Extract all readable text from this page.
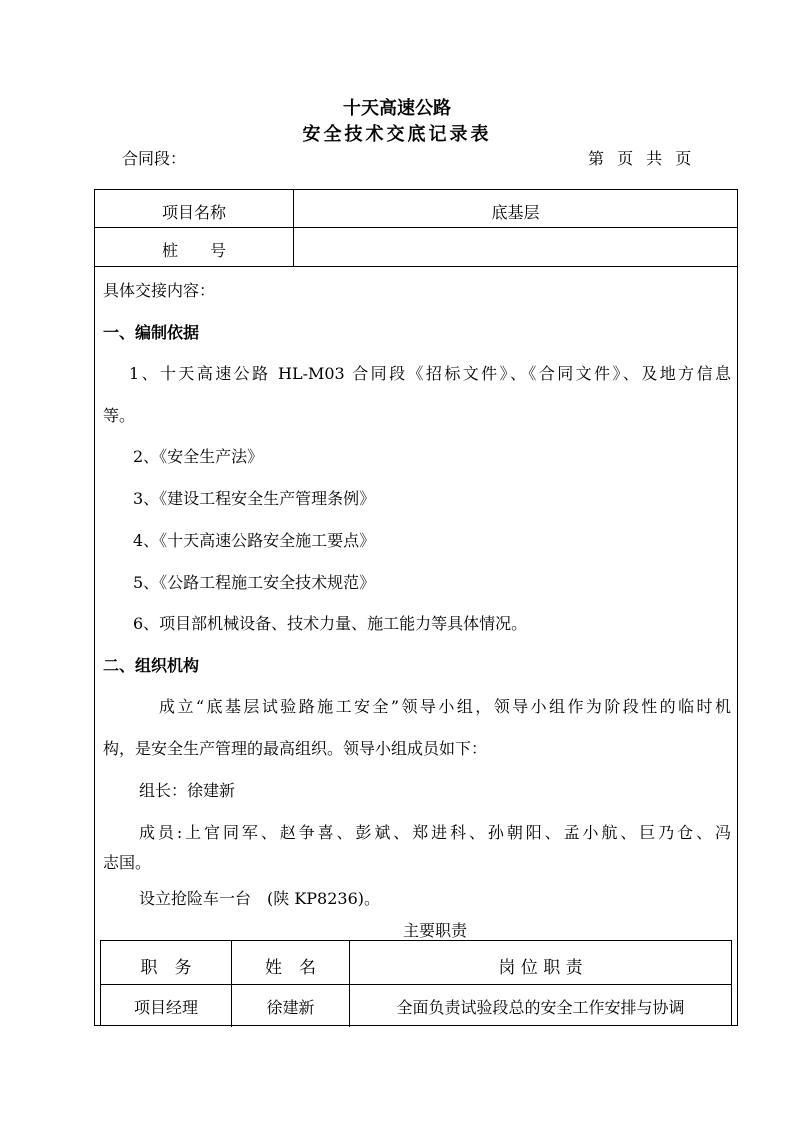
十天高速公路
安全技术交底记录表
合同段：	第 页 共 页
项目名称	底基层
桩　　号
具体交接内容：
一、编制依据
1、十天高速公路 HL-M03 合同段《招标文件》、《合同文件》、及地方信息
等。
2、《安全生产法》
3、《建设工程安全生产管理条例》
4、《十天高速公路安全施工要点》
5、《公路工程施工安全技术规范》
6、项目部机械设备、技术力量、施工能力等具体情况。
二、组织机构
成立“底基层试验路施工安全”领导小组，领导小组作为阶段性的临时机
构，是安全生产管理的最高组织。领导小组成员如下：
组长：徐建新
成员:上官同军、赵争喜、彭斌、郑进科、孙朝阳、孟小航、巨乃仓、冯
志国。
设立抢险车一台　(陕 KP8236)。
主要职责
职　务	姓　名	岗 位 职 责
项目经理	徐建新	全面负责试验段总的安全工作安排与协调
